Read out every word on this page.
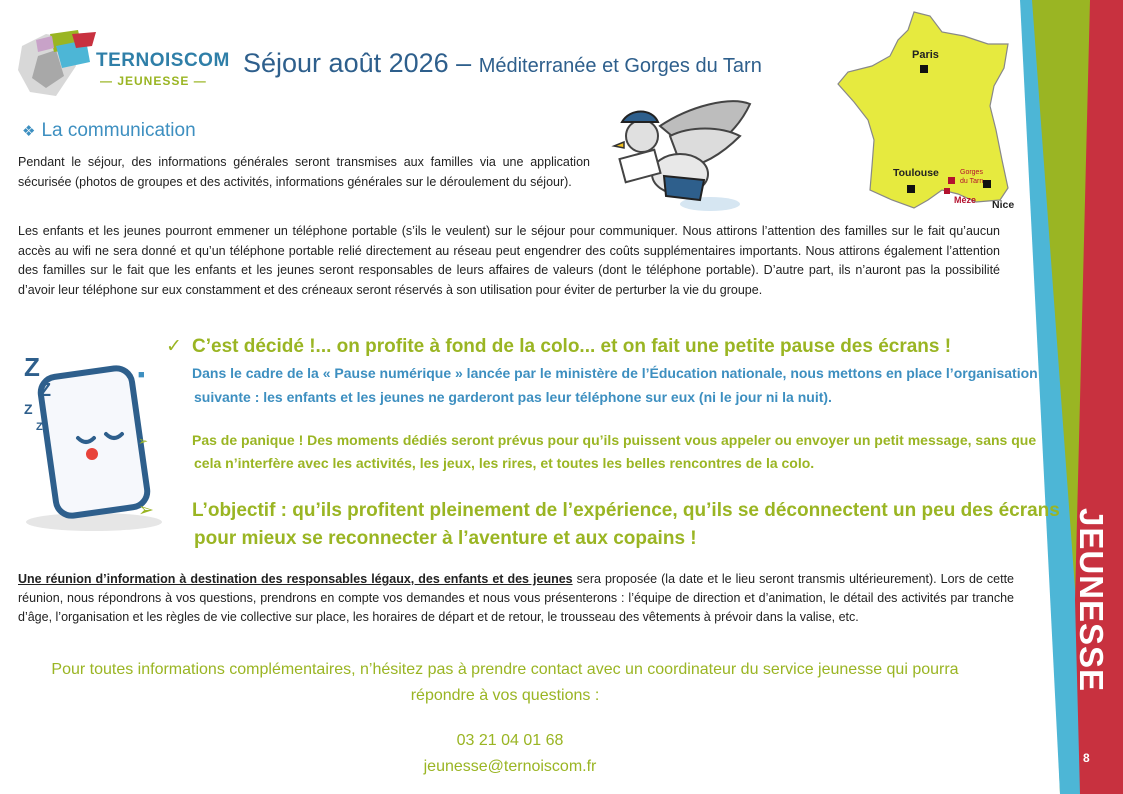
JEUNESSE
8
TERNOISCOM
— JEUNESSE —
Séjour août 2026 – Méditerranée et Gorges du Tarn	Paris
Toulouse	Gorges
du Tarn
Mèze Nice
❖ La communication
Pendant le séjour, des informations générales seront transmises aux familles via une application sécurisée (photos de groupes et des activités, informations générales sur le déroulement du séjour).
Les enfants et les jeunes pourront emmener un téléphone portable (s’ils le veulent) sur le séjour pour communiquer. Nous attirons l’attention des familles sur le fait qu’aucun accès au wifi ne sera donné et qu’un téléphone portable relié directement au réseau peut engendrer des coûts supplémentaires importants. Nous attirons également l’attention des familles sur le fait que les enfants et les jeunes seront responsables de leurs affaires de valeurs (dont le téléphone portable). D’autre part, ils n’auront pas la possibilité d’avoir leur téléphone sur eux constamment et des créneaux seront réservés à son utilisation pour éviter de perturber la vie du groupe.
Z
Z
Z
Z
✓ C’est décidé !... on profite à fond de la colo... et on fait une petite pause des écrans !
■	Dans le cadre de la « Pause numérique » lancée par le ministère de l’Éducation nationale, nous mettons en place l’organisation suivante : les enfants et les jeunes ne garderont pas leur téléphone sur eux (ni le jour ni la nuit).
➢	Pas de panique ! Des moments dédiés seront prévus pour qu’ils puissent vous appeler ou envoyer un petit message, sans que cela n’interfère avec les activités, les jeux, les rires, et toutes les belles rencontres de la colo.
➢ L’objectif : qu’ils profitent pleinement de l’expérience, qu’ils se déconnectent un peu des écrans pour mieux se reconnecter à l’aventure et aux copains !
Une réunion d’information à destination des responsables légaux, des enfants et des jeunes sera proposée (la date et le lieu seront transmis ultérieurement). Lors de cette réunion, nous répondrons à vos questions, prendrons en compte vos demandes et nous vous présenterons : l’équipe de direction et d’animation, le détail des activités par tranche d’âge, l’organisation et les règles de vie collective sur place, les horaires de départ et de retour, le trousseau des vêtements à prévoir dans la valise, etc.
Pour toutes informations complémentaires, n’hésitez pas à prendre contact avec un coordinateur du service jeunesse qui pourra répondre à vos questions :
03 21 04 01 68
jeunesse@ternoiscom.fr
